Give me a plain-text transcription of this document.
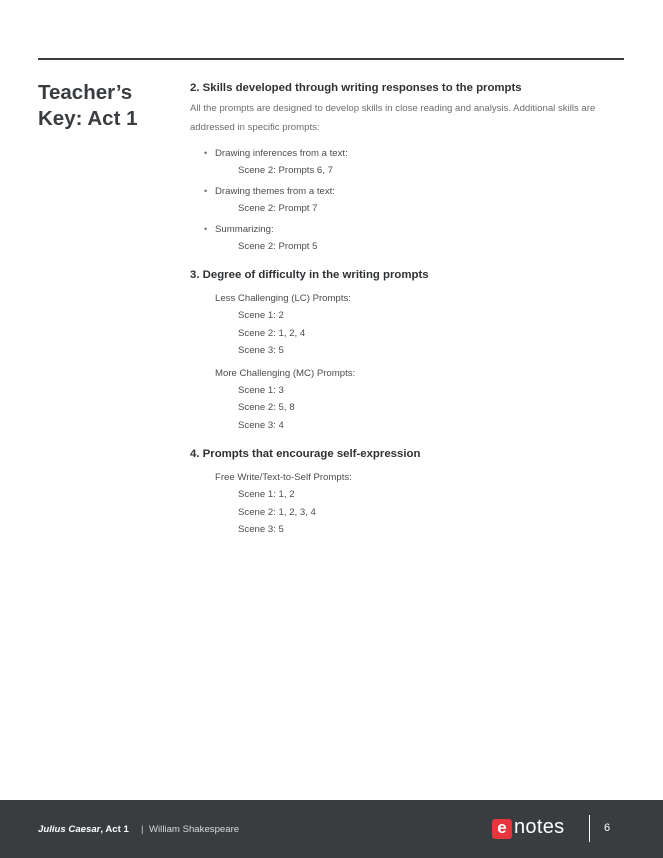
Teacher’s Key: Act 1
2. Skills developed through writing responses to the prompts

All the prompts are designed to develop skills in close reading and analysis. Additional skills are addressed in specific prompts:

• Drawing inferences from a text:
Scene 2: Prompts 6, 7
• Drawing themes from a text:
Scene 2: Prompt 7
• Summarizing:
Scene 2: Prompt 5
3. Degree of difficulty in the writing prompts
Less Challenging (LC) Prompts:
Scene 1: 2
Scene 2: 1, 2, 4
Scene 3: 5
More Challenging (MC) Prompts:
Scene 1: 3
Scene 2: 5, 8
Scene 3: 4
4. Prompts that encourage self-expression
Free Write/Text-to-Self Prompts:
Scene 1: 1, 2
Scene 2: 1, 2, 3, 4
Scene 3: 5
Julius Caesar, Act 1 | William Shakespeare	e notes	6
